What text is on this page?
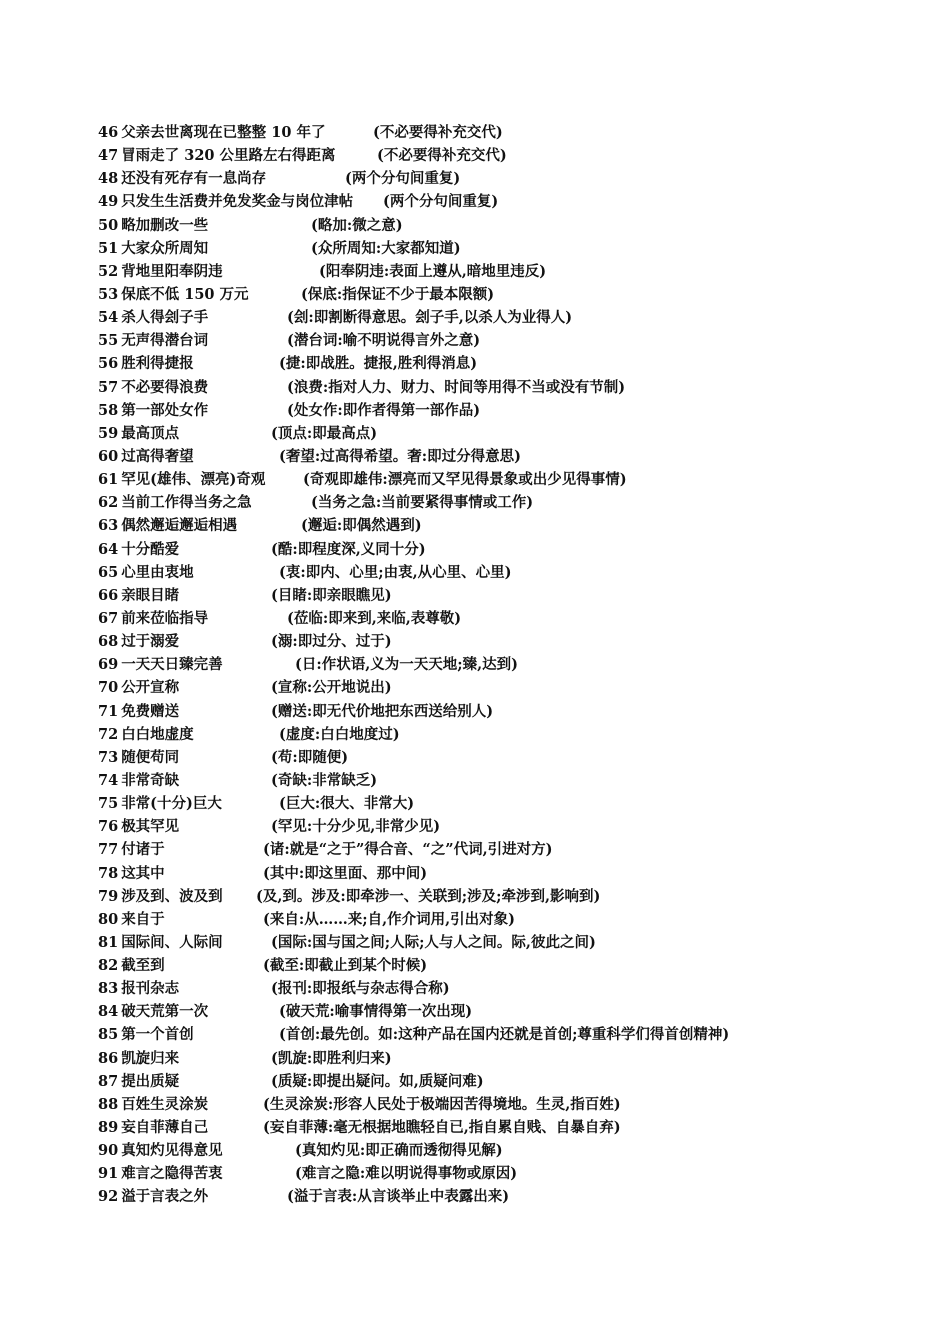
46 父亲去世离现在已整整 10 年了	(不必要得补充交代)
47 冒雨走了 320 公里路左右得距离	(不必要得补充交代)
48 还没有死存有一息尚存	(两个分句间重复)
49 只发生生活费并免发奖金与岗位津帖 (两个分句间重复)
50 略加删改一些	(略加:微之意)
51 大家众所周知	(众所周知:大家都知道)
52 背地里阳奉阴违	(阳奉阴违:表面上遵从,暗地里违反)
53 保底不低 150 万元	(保底:指保证不少于最本限额)
54 杀人得刽子手	(刽:即割断得意思。刽子手,以杀人为业得人)
55 无声得潜台词	(潜台词:喻不明说得言外之意)
56 胜利得捷报	(捷:即战胜。捷报,胜利得消息)
57 不必要得浪费	(浪费:指对人力、财力、时间等用得不当或没有节制)
58 第一部处女作	(处女作:即作者得第一部作品)
59 最高顶点	(顶点:即最高点)
60 过高得奢望	(奢望:过高得希望。奢:即过分得意思)
61 罕见(雄伟、漂亮)奇观	(奇观即雄伟:漂亮而又罕见得景象或出少见得事情)
62 当前工作得当务之急	(当务之急:当前要紧得事情或工作)
63 偶然邂逅邂逅相遇	(邂逅:即偶然遇到)
64 十分酷爱	(酷:即程度深,义同十分)
65 心里由衷地	(衷:即内、心里;由衷,从心里、心里)
66 亲眼目睹	(目睹:即亲眼瞧见)
67 前来莅临指导	(莅临:即来到,来临,表尊敬)
68 过于溺爱	(溺:即过分、过于)
69 一天天日臻完善	(日:作状语,义为一天天地;臻,达到)
70 公开宣称	(宣称:公开地说出)
71 免费赠送	(赠送:即无代价地把东西送给别人)
72 白白地虚度	(虚度:白白地度过)
73 随便苟同	(苟:即随便)
74 非常奇缺	(奇缺:非常缺乏)
75 非常(十分)巨大	(巨大:很大、非常大)
76 极其罕见	(罕见:十分少见,非常少见)
77 付诸于	(诸:就是“之于”得合音、“之”代词,引进对方)
78 这其中	(其中:即这里面、那中间)
79 涉及到、波及到 (及,到。涉及:即牵涉一、关联到;涉及;牵涉到,影响到)
80 来自于	(来自:从……来;自,作介词用,引出对象)
81 国际间、人际间	(国际:国与国之间;人际;人与人之间。际,彼此之间)
82 截至到	(截至:即截止到某个时候)
83 报刊杂志	(报刊:即报纸与杂志得合称)
84 破天荒第一次	(破天荒:喻事情得第一次出现)
85 第一个首创	(首创:最先创。如:这种产品在国内还就是首创;尊重科学们得首创精神)
86 凯旋归来	(凯旋:即胜利归来)
87 提出质疑	(质疑:即提出疑问。如,质疑问难)
88 百姓生灵涂炭	(生灵涂炭:形容人民处于极端因苦得境地。生灵,指百姓)
89 妄自菲薄自己	(妄自菲薄:毫无根据地瞧轻自已,指自累自贱、自暴自弃)
90 真知灼见得意见	(真知灼见:即正确而透彻得见解)
91 难言之隐得苦衷	(难言之隐:难以明说得事物或原因)
92 溢于言表之外	(溢于言表:从言谈举止中表露出来)
